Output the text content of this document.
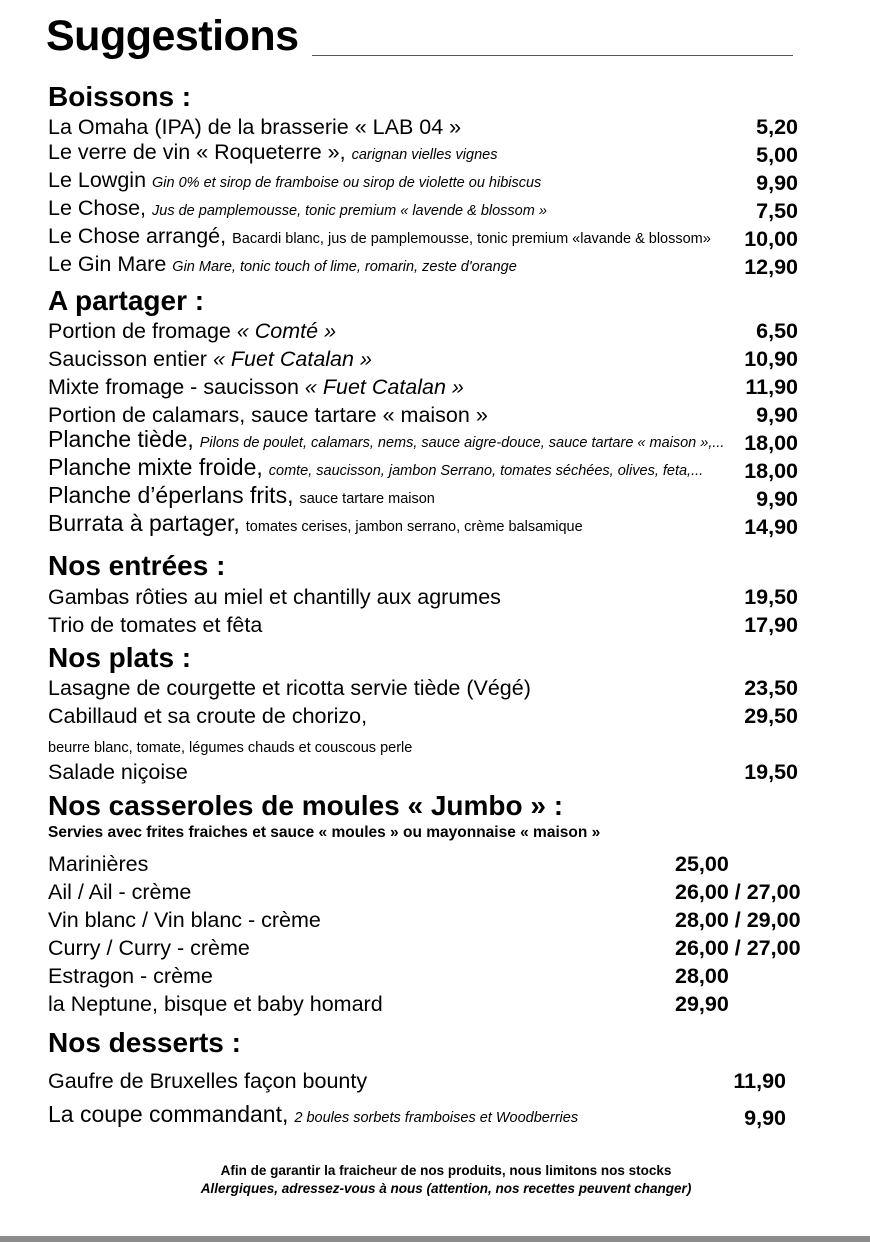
Suggestions
Boissons :
La Omaha (IPA) de la brasserie « LAB 04 »	5,20
Le verre de vin « Roqueterre », carignan vielles vignes	5,00
Le Lowgin Gin 0% et sirop de framboise ou sirop de violette ou hibiscus	9,90
Le Chose, Jus de pamplemousse, tonic premium « lavende & blossom »	7,50
Le Chose arrangé, Bacardi blanc, jus de pamplemousse, tonic premium «lavande & blossom» 10,00
Le Gin Mare Gin Mare, tonic touch of lime, romarin, zeste d'orange	12,90
A partager :
Portion de fromage « Comté »	6,50
Saucisson entier « Fuet Catalan »	10,90
Mixte fromage - saucisson « Fuet Catalan »	11,90
Portion de calamars, sauce tartare « maison »	9,90
Planche tiède, Pilons de poulet, calamars, nems, sauce aigre-douce, sauce tartare « maison »,... 18,00
Planche mixte froide, comte, saucisson, jambon Serrano, tomates séchées, olives, feta,... 18,00
Planche d’éperlans frits, sauce tartare maison	9,90
Burrata à partager, tomates cerises, jambon serrano, crème balsamique	14,90
Nos entrées :
Gambas rôties au miel et chantilly aux agrumes	19,50
Trio de tomates et fêta	17,90
Nos plats :
Lasagne de courgette et ricotta servie tiède (Végé)	23,50
Cabillaud et sa croute de chorizo,	29,50
beurre blanc, tomate, légumes chauds et couscous perle
Salade niçoise	19,50
Nos casseroles de moules « Jumbo » :
Servies avec frites fraiches et sauce « moules » ou mayonnaise « maison »
Marinières	25,00
Ail / Ail - crème	26,00 / 27,00
Vin blanc / Vin blanc - crème	28,00 / 29,00
Curry / Curry - crème	26,00 / 27,00
Estragon - crème	28,00
la Neptune, bisque et baby homard	29,90
Nos desserts :
Gaufre de Bruxelles façon bounty	11,90
La coupe commandant, 2 boules sorbets framboises et Woodberries	9,90
Afin de garantir la fraicheur de nos produits, nous limitons nos stocks
Allergiques, adressez-vous à nous (attention, nos recettes peuvent changer)
